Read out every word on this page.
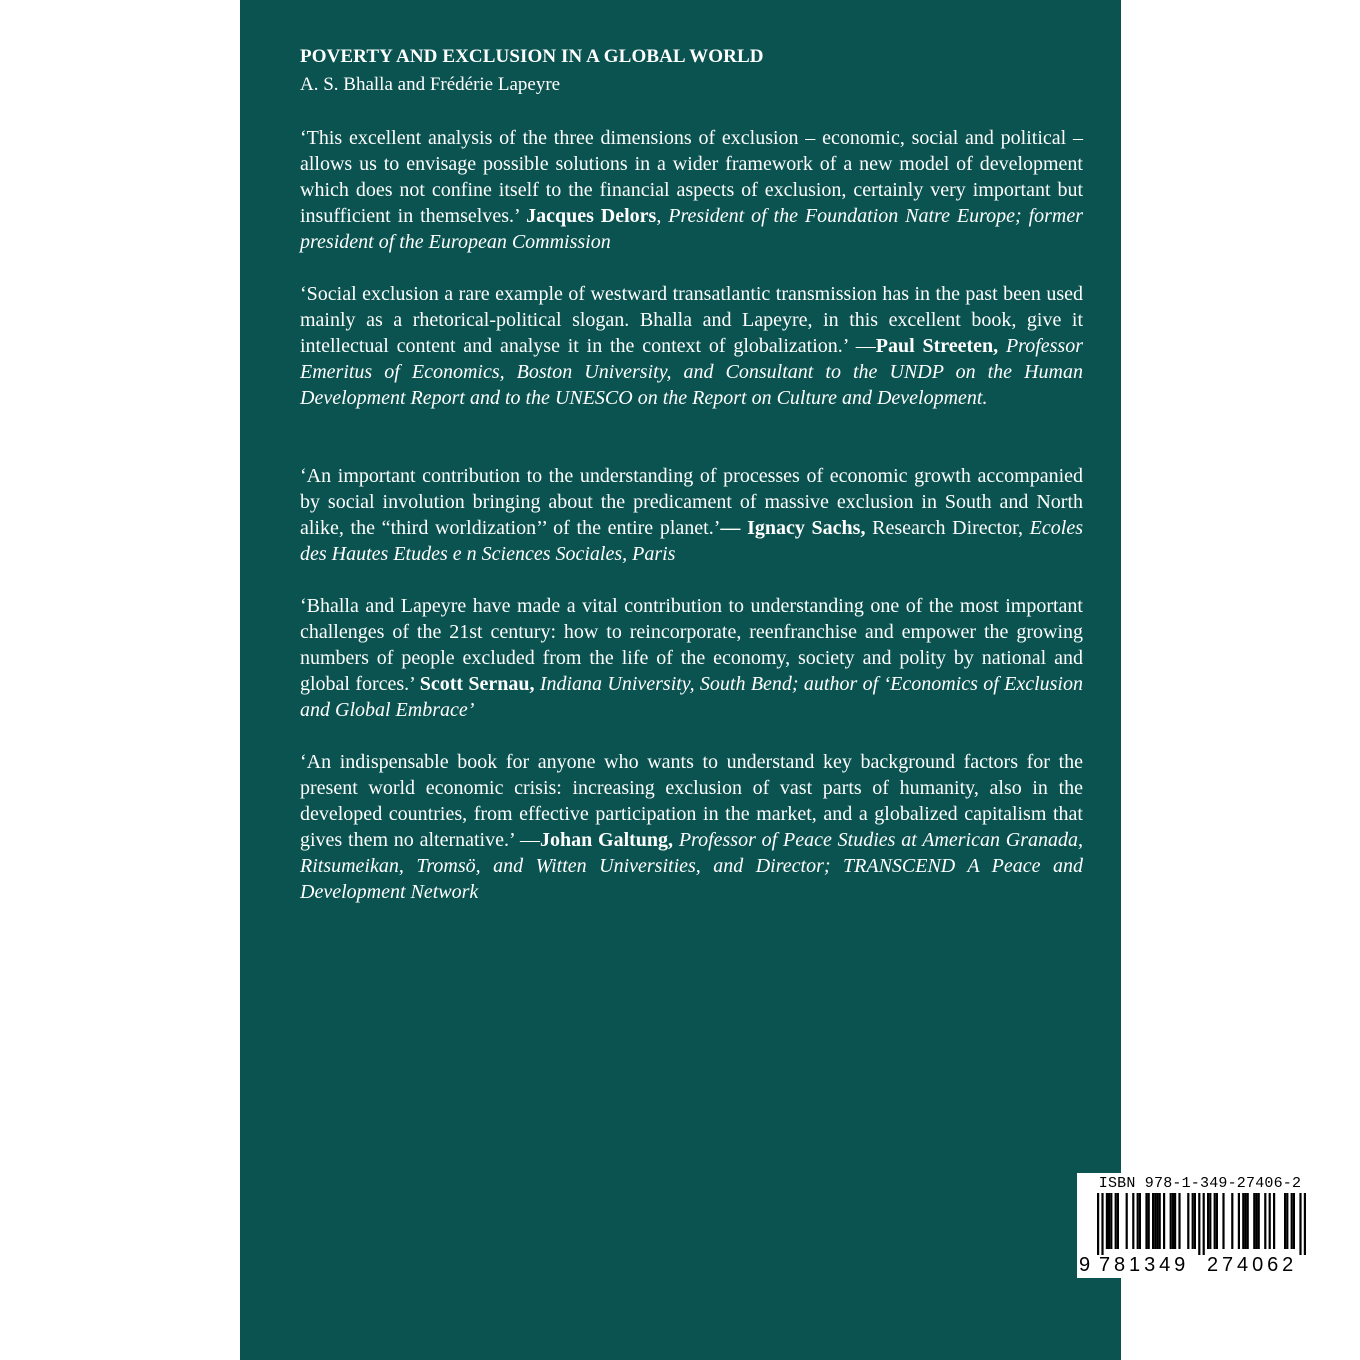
POVERTY AND EXCLUSION IN A GLOBAL WORLD

A. S. Bhalla and Frédérie Lapeyre

‘This excellent analysis of the three dimensions of exclusion – economic, social and political – allows us to envisage possible solutions in a wider framework of a new model of development which does not confine itself to the financial aspects of exclusion, certainly very important but insufficient in themselves.’ Jacques Delors, President of the Foundation Natre Europe; former president of the European Commission

‘Social exclusion a rare example of westward transatlantic transmission has in the past been used mainly as a rhetorical-political slogan. Bhalla and Lapeyre, in this excellent book, give it intellectual content and analyse it in the context of globalization.’ —Paul Streeten, Professor Emeritus of Economics, Boston University, and Consultant to the UNDP on the Human Development Report and to the UNESCO on the Report on Culture and Development.

‘An important contribution to the understanding of processes of economic growth accompanied by social involution bringing about the predicament of massive exclusion in South and North alike, the “third worldization’’ of the entire planet.’— Ignacy Sachs, Research Director, Ecoles des Hautes Etudes e n Sciences Sociales, Paris

‘Bhalla and Lapeyre have made a vital contribution to understanding one of the most important challenges of the 21st century: how to reincorporate, reenfranchise and empower the growing numbers of people excluded from the life of the economy, society and polity by national and global forces.’ Scott Sernau, Indiana University, South Bend; author of ‘Economics of Exclusion and Global Embrace’

‘An indispensable book for anyone who wants to understand key background factors for the present world economic crisis: increasing exclusion of vast parts of humanity, also in the developed countries, from effective participation in the market, and a globalized capitalism that gives them no alternative.’ —Johan Galtung, Professor of Peace Studies at American Granada, Ritsumeikan, Tromsö, and Witten Universities, and Director; TRANSCEND A Peace and Development Network

ISBN 978-1-349-27406-2
9 781349 274062
